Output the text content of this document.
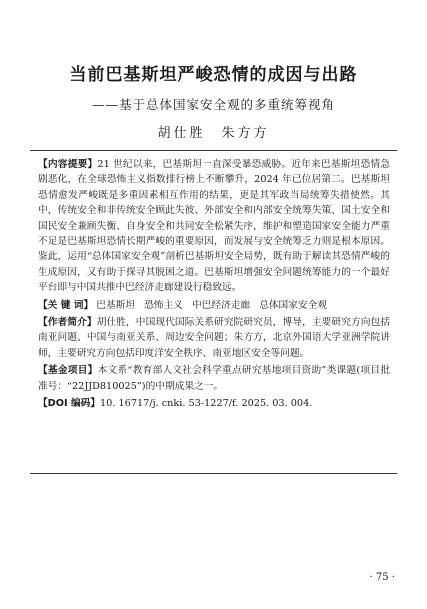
当前巴基斯坦严峻恐情的成因与出路
——基于总体国家安全观的多重统筹视角
胡仕胜　朱方方

【内容提要】21 世纪以来，巴基斯坦一直深受暴恐威胁。近年来巴基斯坦恐情急剧恶化，在全球恐怖主义指数排行榜上不断攀升，2024 年已位居第二。巴基斯坦恐情愈发严峻既是多重因素相互作用的结果，更是其军政当局统筹失措使然。其中，传统安全和非传统安全顾此失彼、外部安全和内部安全统筹失策、国土安全和国民安全兼顾失衡、自身安全和共同安全松紧失序，维护和塑造国家安全能力严重不足是巴基斯坦恐情长期严峻的重要原因，而发展与安全统筹乏力则是根本原因。鉴此，运用“总体国家安全观”剖析巴基斯坦安全局势，既有助于解读其恐情严峻的生成原因，又有助于探寻其脱困之道。巴基斯坦增强安全问题统筹能力的一个最好平台即与中国共推中巴经济走廊建设行稳致远。

【关 键 词】 巴基斯坦 恐怖主义 中巴经济走廊 总体国家安全观

【作者简介】胡仕胜，中国现代国际关系研究院研究员，博导，主要研究方向包括南亚问题、中国与南亚关系、周边安全问题；朱方方，北京外国语大学亚洲学院讲师，主要研究方向包括印度洋安全秩序、南亚地区安全等问题。

【基金项目】本文系“教育部人文社会科学重点研究基地项目资助”类课题(项目批准号：“22JJD810025”)的中期成果之一。

【DOI 编码】10. 16717/j. cnki. 53-1227/f. 2025. 03. 004.

· 75 ·
